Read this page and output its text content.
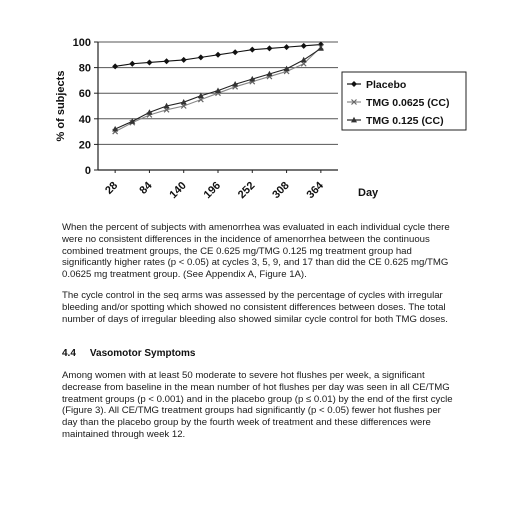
0
20
40
60
80
100
28 84 140 196 252 308 364	Day
% of subjects	Placebo
TMG 0.0625 (CC)
TMG 0.125 (CC)

When the percent of subjects with amenorrhea was evaluated in each individual cycle there were no consistent differences in the incidence of amenorrhea between the continuous combined treatment groups, the CE 0.625 mg/TMG 0.125 mg treatment group had significantly higher rates (p < 0.05) at cycles 3, 5, 9, and 17 than did the CE 0.625 mg/TMG 0.0625 mg treatment group. (See Appendix A, Figure 1A).

The cycle control in the seq arms was assessed by the percentage of cycles with irregular bleeding and/or spotting which showed no consistent differences between doses. The total number of days of irregular bleeding also showed similar cycle control for both TMG doses.

4.4 Vasomotor Symptoms

Among women with at least 50 moderate to severe hot flushes per week, a significant decrease from baseline in the mean number of hot flushes per day was seen in all CE/TMG treatment groups (p < 0.001) and in the placebo group (p ≤ 0.01) by the end of the first cycle (Figure 3). All CE/TMG treatment groups had significantly (p < 0.05) fewer hot flushes per day than the placebo group by the fourth week of treatment and these differences were maintained through week 12.
